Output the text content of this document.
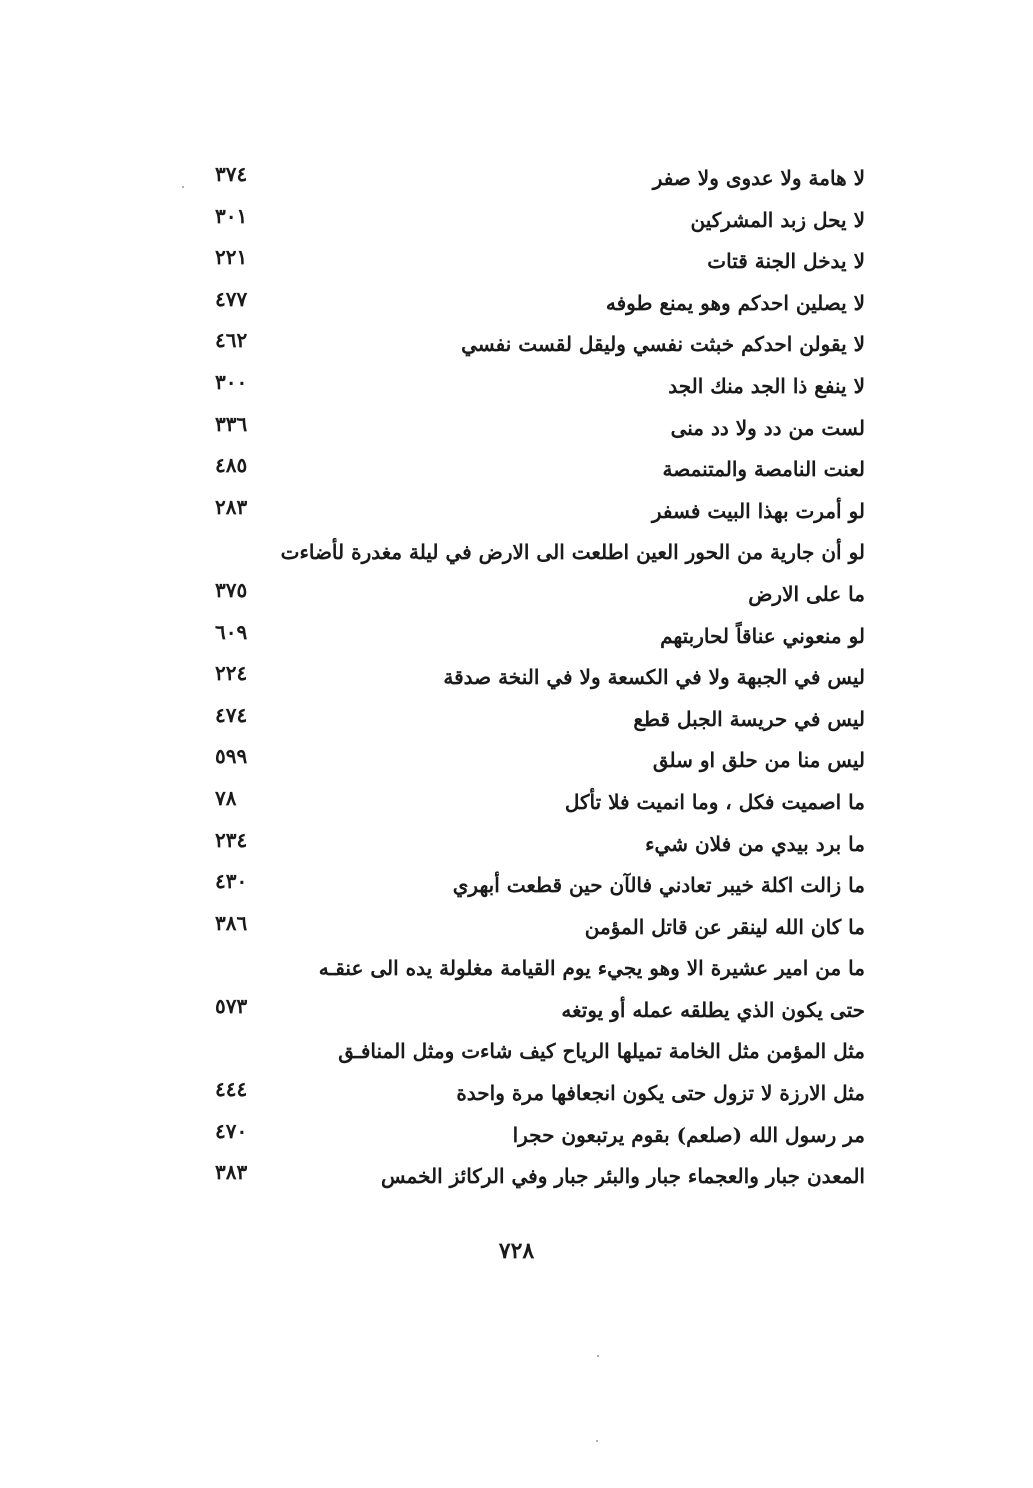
لا هامة ولا عدوى ولا صفر
٣٧٤
لا يحل زبد المشركين
٣٠١
لا يدخل الجنة قتات
٢٢١
لا يصلين احدكم وهو يمنع طوفه
٤٧٧
لا يقولن احدكم خبثت نفسي وليقل لقست نفسي
٤٦٢
لا ينفع ذا الجد منك الجد
٣٠٠
لست من دد ولا دد منى
٣٣٦
لعنت النامصة والمتنمصة
٤٨٥
لو أمرت بهذا البيت فسفر
٢٨٣
لو أن جارية من الحور العين اطلعت الى الارض في ليلة مغدرة لأضاءت
ما على الارض
٣٧٥
لو منعوني عناقاً لحاربتهم
٦٠٩
ليس في الجبهة ولا في الكسعة ولا في النخة صدقة
٢٢٤
ليس في حريسة الجبل قطع
٤٧٤
ليس منا من حلق او سلق
٥٩٩
ما اصميت فكل ، وما انميت فلا تأكل
٧٨
ما برد بيدي من فلان شيء
٢٣٤
ما زالت اكلة خيبر تعادني فالآن حين قطعت أبهري
٤٣٠
ما كان الله لينقر عن قاتل المؤمن
٣٨٦
ما من امير عشيرة الا وهو يجيء يوم القيامة مغلولة يده الى عنقـه
حتى يكون الذي يطلقه عمله أو يوتغه
٥٧٣
مثل المؤمن مثل الخامة تميلها الرياح كيف شاءت ومثل المنافـق
مثل الارزة لا تزول حتى يكون انجعافها مرة واحدة
٤٤٤
مر رسول الله (صلعم) بقوم يرتبعون حجرا
٤٧٠
المعدن جبار والعجماء جبار والبئر جبار وفي الركائز الخمس
٣٨٣
٧٢٨
